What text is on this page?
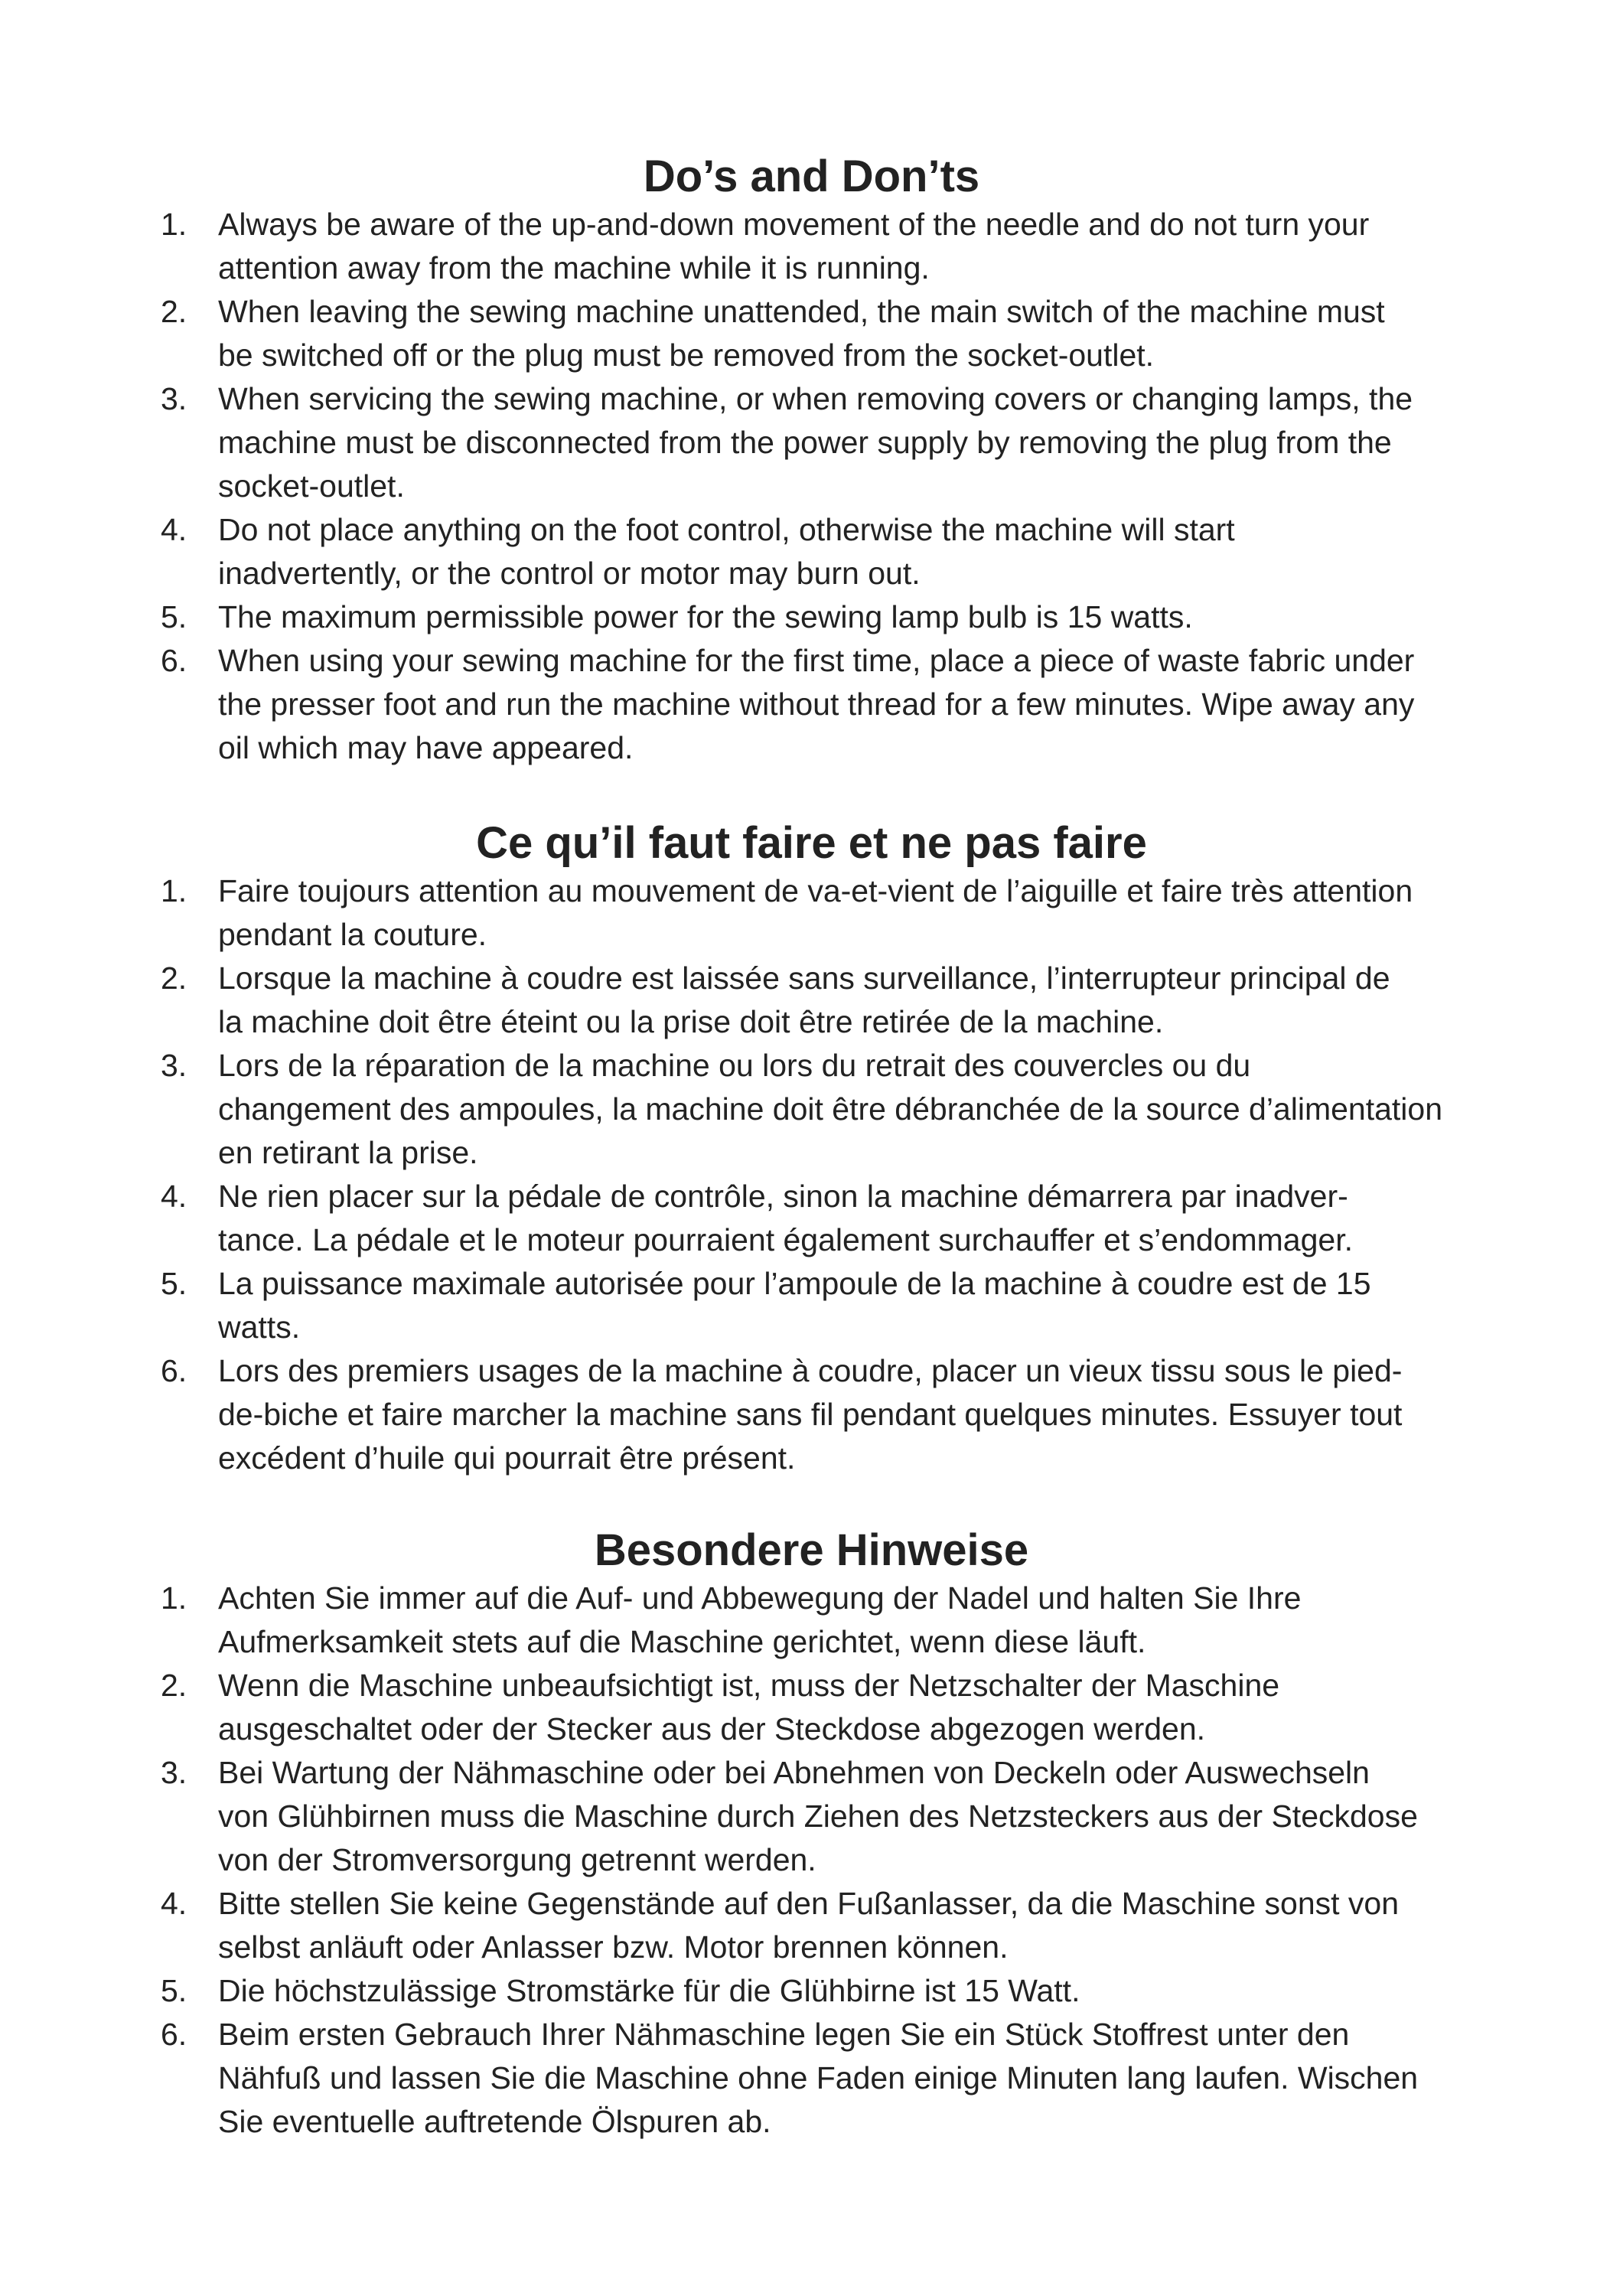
Do’s and Don’ts
1. Always be aware of the up-and-down movement of the needle and do not turn your
attention away from the machine while it is running.
2. When leaving the sewing machine unattended, the main switch of the machine must
be switched off or the plug must be removed from the socket-outlet.
3. When servicing the sewing machine, or when removing covers or changing lamps, the
machine must be disconnected from the power supply by removing the plug from the
socket-outlet.
4. Do not place anything on the foot control, otherwise the machine will start
inadvertently, or the control or motor may burn out.
5. The maximum permissible power for the sewing lamp bulb is 15 watts.
6. When using your sewing machine for the first time, place a piece of waste fabric under
the presser foot and run the machine without thread for a few minutes. Wipe away any
oil which may have appeared.
Ce qu’il faut faire et ne pas faire
1. Faire toujours attention au mouvement de va-et-vient de l’aiguille et faire très attention
pendant la couture.
2. Lorsque la machine à coudre est laissée sans surveillance, l’interrupteur principal de
la machine doit être éteint ou la prise doit être retirée de la machine.
3. Lors de la réparation de la machine ou lors du retrait des couvercles ou du
changement des ampoules, la machine doit être débranchée de la source d’alimentation
en retirant la prise.
4. Ne rien placer sur la pédale de contrôle, sinon la machine démarrera par inadver-
tance. La pédale et le moteur pourraient également surchauffer et s’endommager.
5. La puissance maximale autorisée pour l’ampoule de la machine à coudre est de 15
watts.
6. Lors des premiers usages de la machine à coudre, placer un vieux tissu sous le pied-
de-biche et faire marcher la machine sans fil pendant quelques minutes. Essuyer tout
excédent d’huile qui pourrait être présent.
Besondere Hinweise
1. Achten Sie immer auf die Auf- und Abbewegung der Nadel und halten Sie Ihre
Aufmerksamkeit stets auf die Maschine gerichtet, wenn diese läuft.
2. Wenn die Maschine unbeaufsichtigt ist, muss der Netzschalter der Maschine
ausgeschaltet oder der Stecker aus der Steckdose abgezogen werden.
3. Bei Wartung der Nähmaschine oder bei Abnehmen von Deckeln oder Auswechseln
von Glühbirnen muss die Maschine durch Ziehen des Netzsteckers aus der Steckdose
von der Stromversorgung getrennt werden.
4. Bitte stellen Sie keine Gegenstände auf den Fußanlasser, da die Maschine sonst von
selbst anläuft oder Anlasser bzw. Motor brennen können.
5. Die höchstzulässige Stromstärke für die Glühbirne ist 15 Watt.
6. Beim ersten Gebrauch Ihrer Nähmaschine legen Sie ein Stück Stoffrest unter den
Nähfuß und lassen Sie die Maschine ohne Faden einige Minuten lang laufen. Wischen
Sie eventuelle auftretende Ölspuren ab.
